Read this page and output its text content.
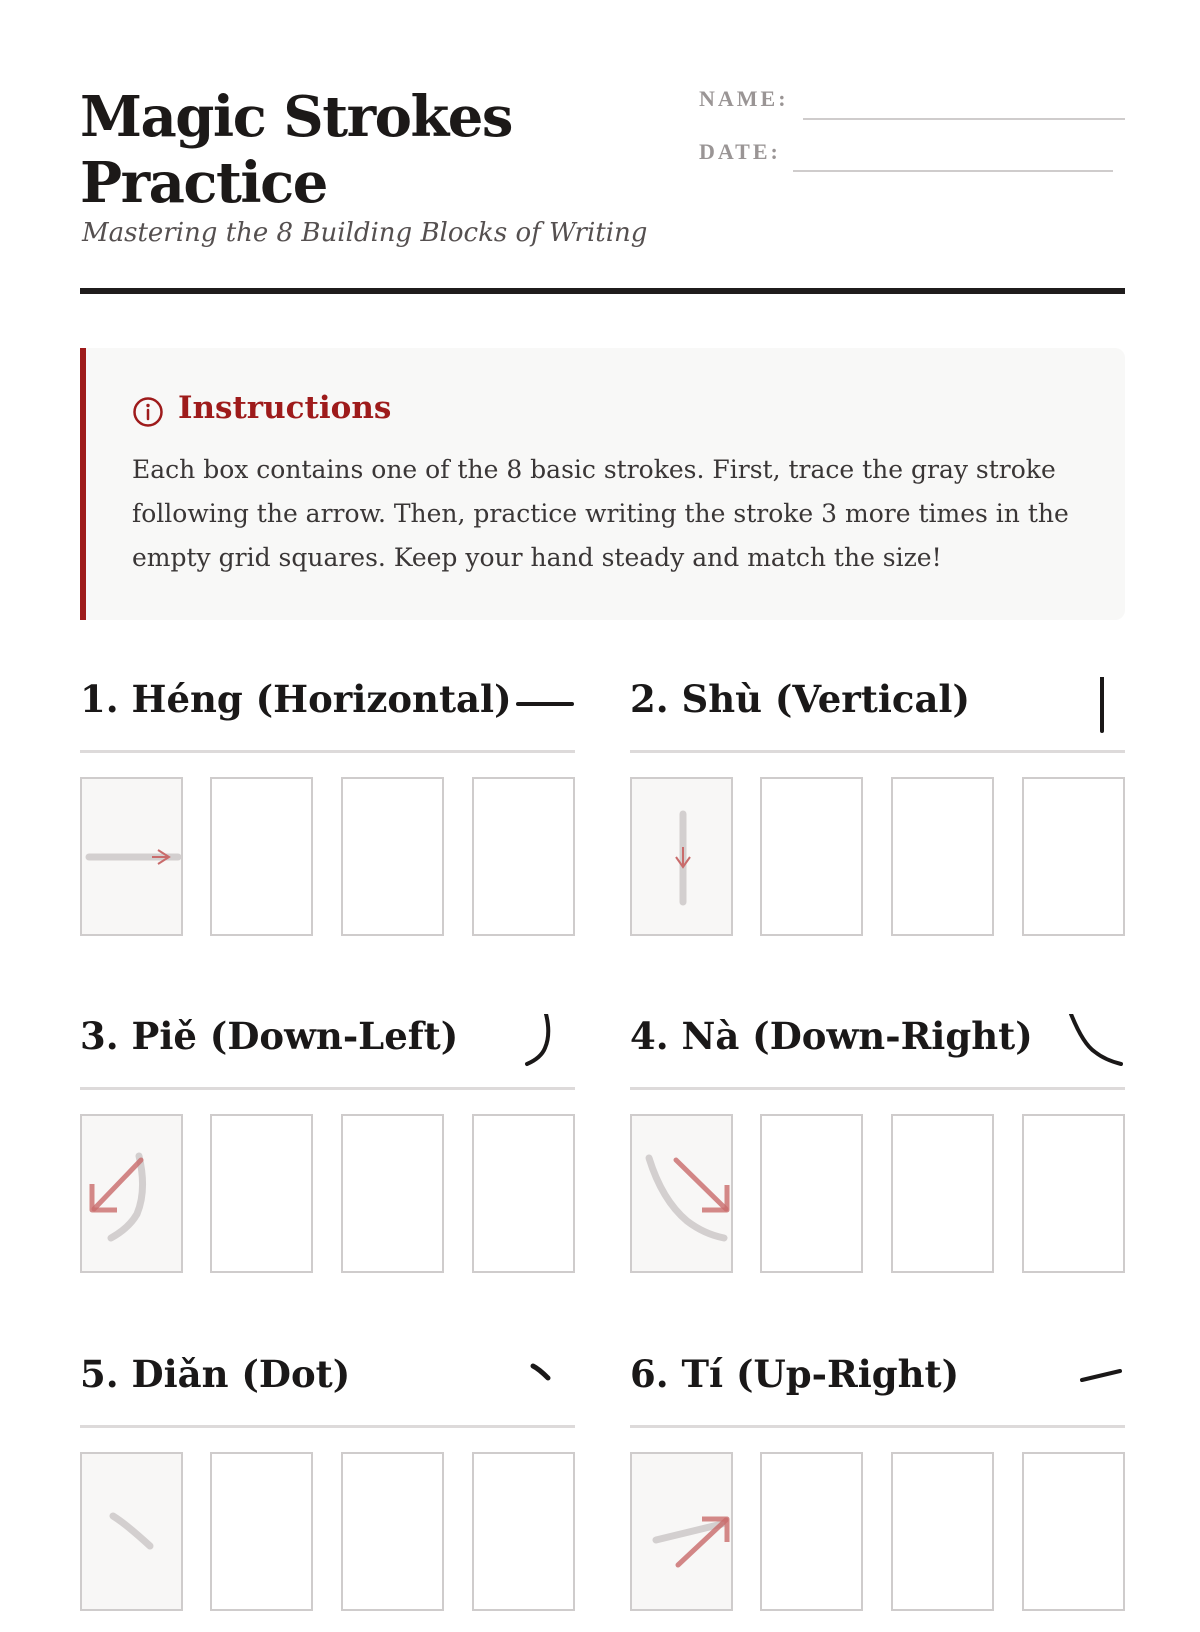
Magic Strokes Practice

Mastering the 8 Building Blocks of Writing

NAME:
DATE:
Instructions

Each box contains one of the 8 basic strokes. First, trace the gray stroke following the arrow. Then, practice writing the stroke 3 more times in the empty grid squares. Keep your hand steady and match the size!

1. Héng (Horizontal)	2. Shù (Vertical)
3. Piě (Down-Left)	4. Nà (Down-Right)
5. Diǎn (Dot)	6. Tí (Up-Right)
